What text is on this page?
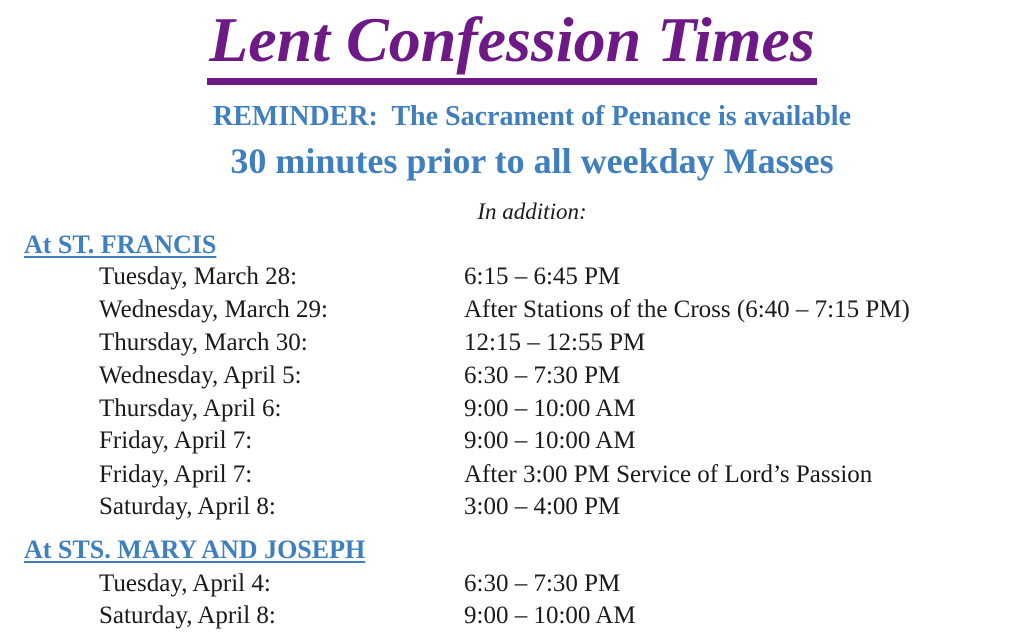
Lent Confession Times
REMINDER:  The Sacrament of Penance is available
30 minutes prior to all weekday Masses
In addition:
At ST. FRANCIS
Tuesday, March 28:	6:15 – 6:45 PM
Wednesday, March 29:	After Stations of the Cross (6:40 – 7:15 PM)
Thursday, March 30:	12:15 – 12:55 PM
Wednesday, April 5:	6:30 – 7:30 PM
Thursday, April 6:	9:00 – 10:00 AM
Friday, April 7:	9:00 – 10:00 AM
Friday, April 7:	After 3:00 PM Service of Lord’s Passion
Saturday, April 8:	3:00 – 4:00 PM
At STS. MARY AND JOSEPH
Tuesday, April 4:	6:30 – 7:30 PM
Saturday, April 8:	9:00 – 10:00 AM
